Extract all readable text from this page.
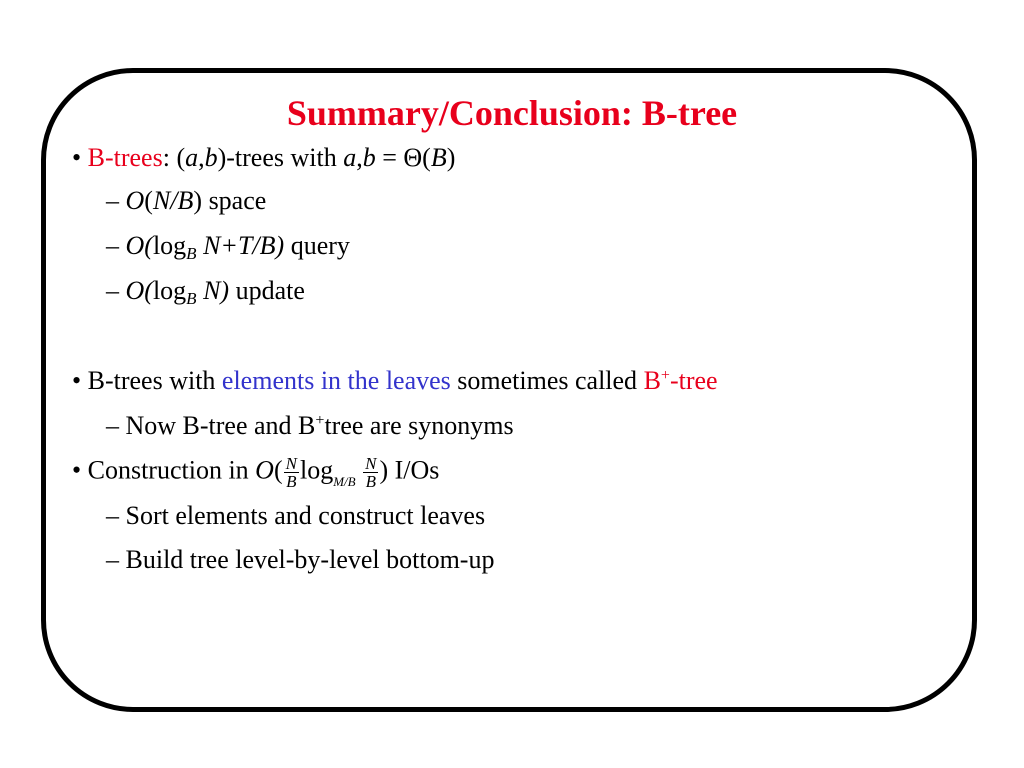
Summary/Conclusion: B-tree
• B-trees: (a,b)-trees with a,b = Θ(B)
– O(N/B) space
– $O(\log_B$ N+T/B) query
– $O(\log_B$ N) update
• B-trees with elements in the leaves sometimes called B+-tree
– Now B-tree and B+tree are synonyms
• Construction in $O( \frac{N}{B} \log M/B \frac{N}{B}$ ) I/Os
– Sort elements and construct leaves
– Build tree level-by-level bottom-up
